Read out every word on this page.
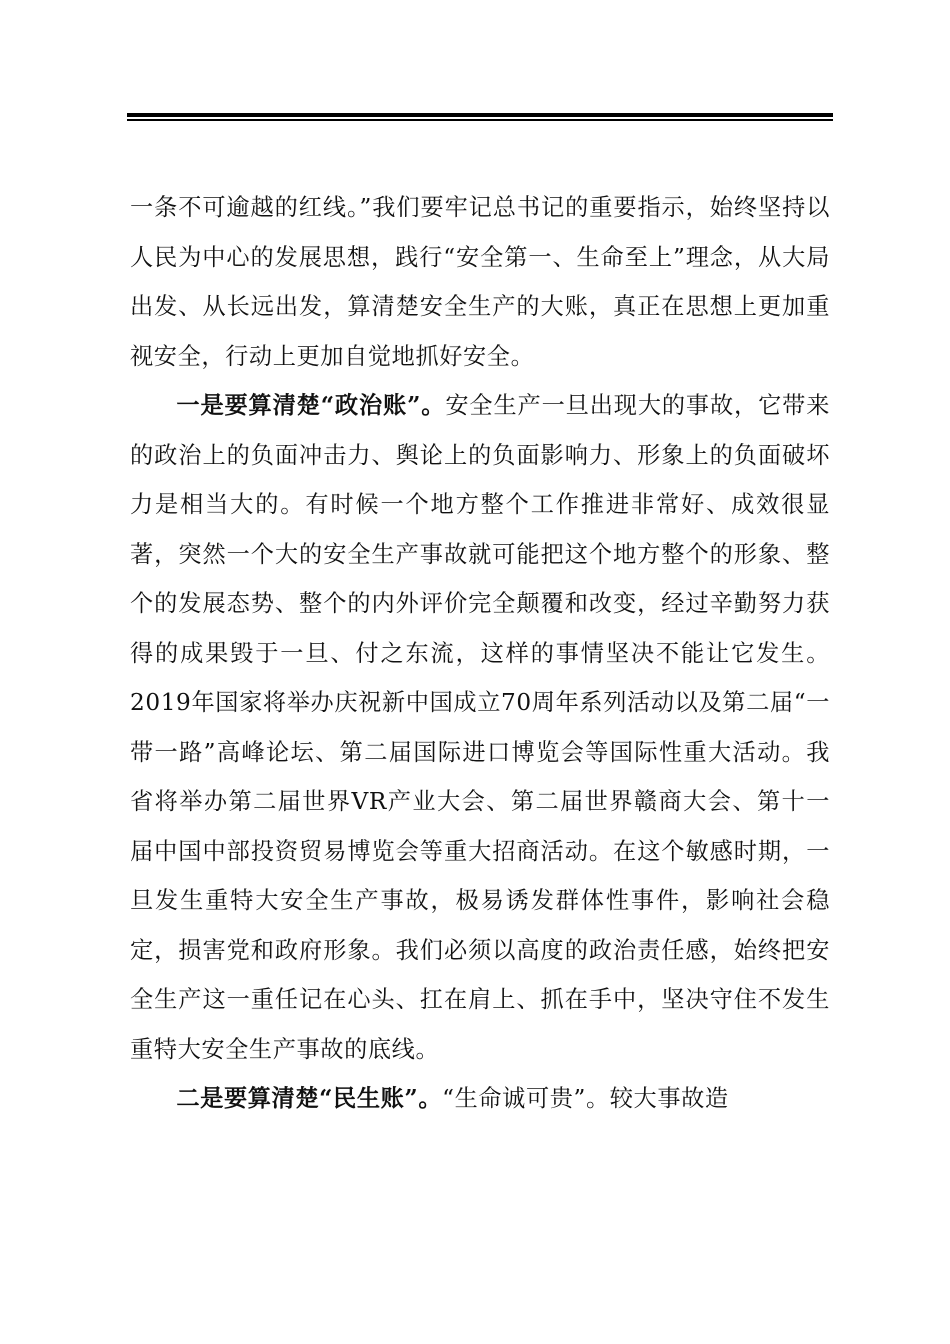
一条不可逾越的红线。”我们要牢记总书记的重要指示，始终坚持以人民为中心的发展思想，践行“安全第一、生命至上”理念，从大局出发、从长远出发，算清楚安全生产的大账，真正在思想上更加重视安全，行动上更加自觉地抓好安全。

一是要算清楚“政治账”。安全生产一旦出现大的事故，它带来的政治上的负面冲击力、舆论上的负面影响力、形象上的负面破坏力是相当大的。有时候一个地方整个工作推进非常好、成效很显著，突然一个大的安全生产事故就可能把这个地方整个的形象、整个的发展态势、整个的内外评价完全颠覆和改变，经过辛勤努力获得的成果毁于一旦、付之东流，这样的事情坚决不能让它发生。2019年国家将举办庆祝新中国成立70周年系列活动以及第二届“一带一路”高峰论坛、第二届国际进口博览会等国际性重大活动。我省将举办第二届世界VR产业大会、第二届世界赣商大会、第十一届中国中部投资贸易博览会等重大招商活动。在这个敏感时期，一旦发生重特大安全生产事故，极易诱发群体性事件，影响社会稳定，损害党和政府形象。我们必须以高度的政治责任感，始终把安全生产这一重任记在心头、扛在肩上、抓在手中，坚决守住不发生重特大安全生产事故的底线。

二是要算清楚“民生账”。“生命诚可贵”。较大事故造
